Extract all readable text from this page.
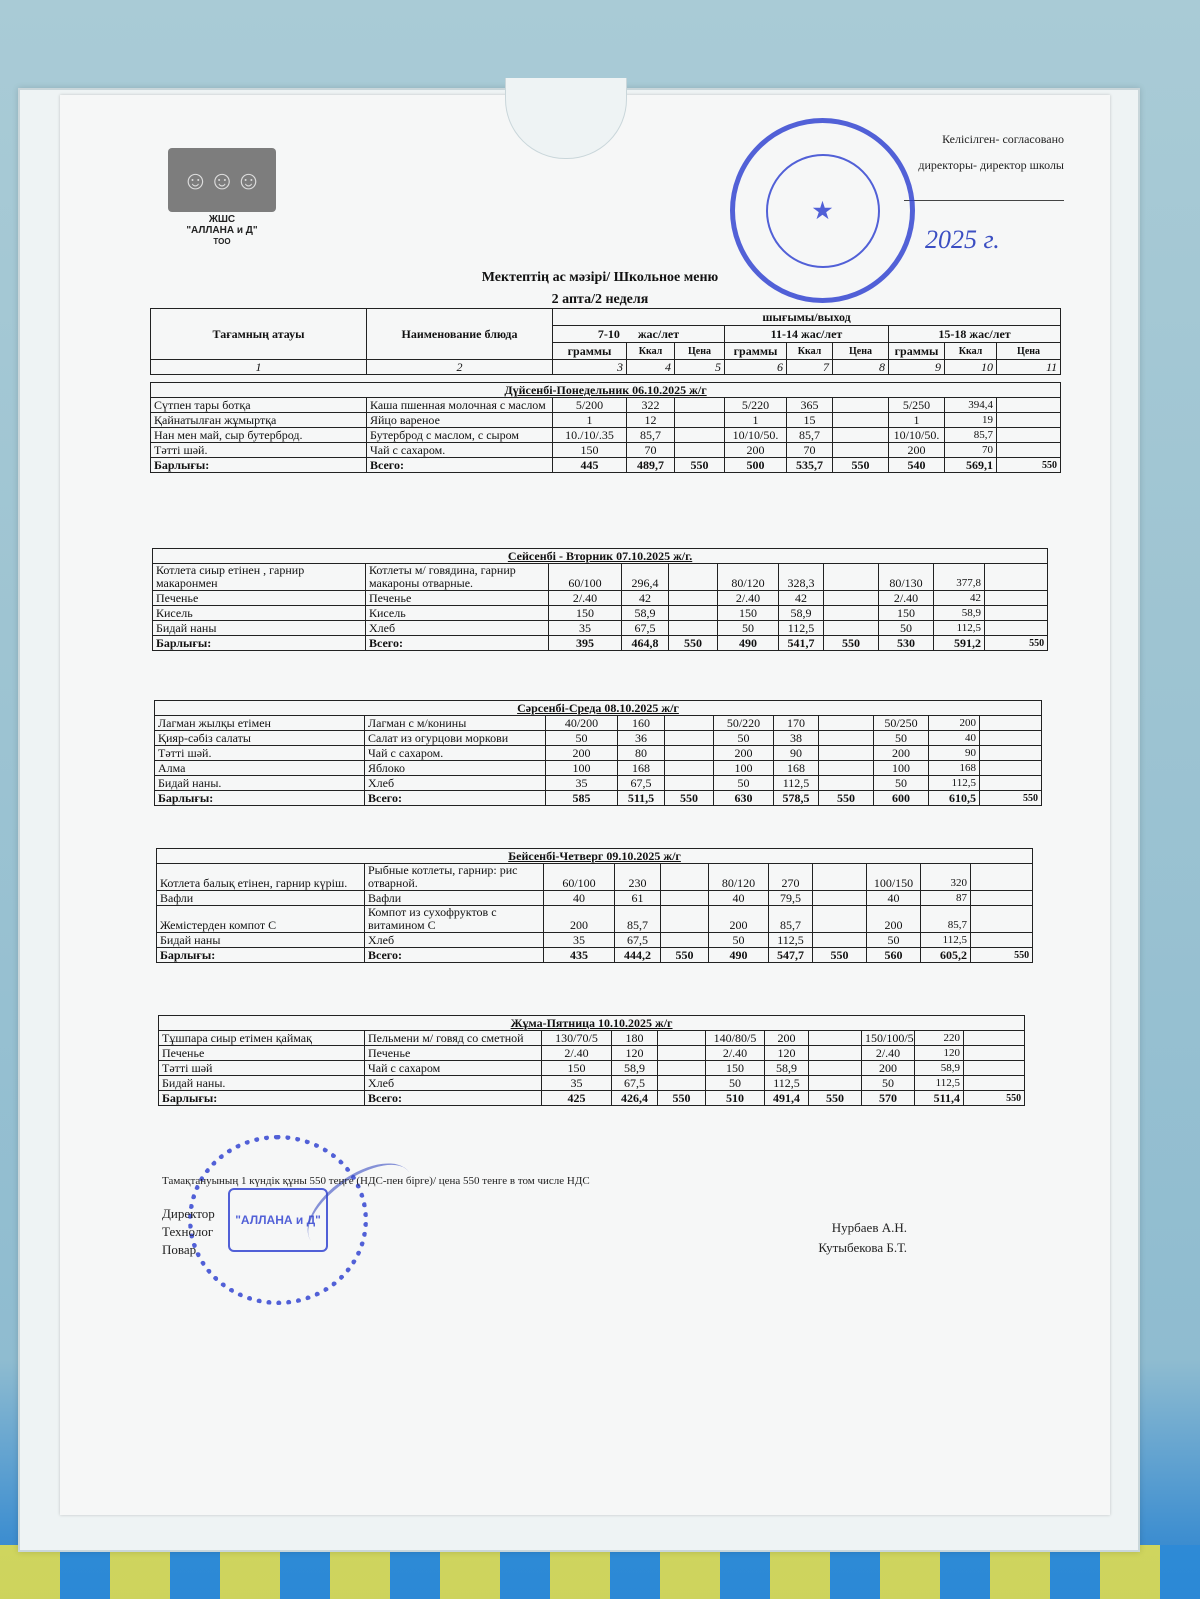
☺☺☺
ЖШС
"АЛЛАНА и Д"
ТОО
Келісілген- согласовано
директоры- директор школы
2025 г.
★
Мектептің ас мәзірі/ Школьное меню
2 апта/2 неделя
Тағамның атауы	Наименование блюда	шығымы/выход								
		7-10 жас/лет			11-14 жас/лет			15-18 жас/лет		
		граммы	Ккал	Цена	граммы	Ккал	Цена	граммы	Ккал	Цена
1	2	3	4	5	6	7	8	9	10	11
Дүйсенбі-Понедельник 06.10.2025 ж/г										
Сүтпен тары ботқа	Каша пшенная молочная с маслом	5/200	322		5/220	365		5/250	394,4	
Қайнатылған жұмыртқа	Яйцо вареное	1	12		1	15		1	19	
Нан мен май, сыр бутерброд.	Бутерброд с маслом, с сыром	10./10/.35	85,7		10/10/50.	85,7		10/10/50.	85,7	
Тәтті шәй.	Чай с сахаром.	150	70		200	70		200	70	
Барлығы:	Всего:	445	489,7	550	500	535,7	550	540	569,1	550
Сейсенбі - Вторник 07.10.2025 ж/г.										
Котлета сиыр етінен , гарнир макаронмен	Котлеты м/ говядина, гарнир макароны отварные.	60/100	296,4		80/120	328,3		80/130	377,8	
Печенье	Печенье	2/.40	42		2/.40	42		2/.40	42	
Кисель	Кисель	150	58,9		150	58,9		150	58,9	
Бидай наны	Хлеб	35	67,5		50	112,5		50	112,5	
Барлығы:	Всего:	395	464,8	550	490	541,7	550	530	591,2	550
Сәрсенбі-Среда 08.10.2025 ж/г										
Лагман жылқы етімен	Лагман с м/конины	40/200	160		50/220	170		50/250	200	
Қияр-сәбіз салаты	Салат из огурцови моркови	50	36		50	38		50	40	
Тәтті шәй.	Чай с сахаром.	200	80		200	90		200	90	
Алма	Яблоко	100	168		100	168		100	168	
Бидай наны.	Хлеб	35	67,5		50	112,5		50	112,5	
Барлығы:	Всего:	585	511,5	550	630	578,5	550	600	610,5	550
Бейсенбі-Четверг 09.10.2025 ж/г										
Котлета балық етінен, гарнир күріш.	Рыбные котлеты, гарнир: рис отварной.	60/100	230		80/120	270		100/150	320	
Вафли	Вафли	40	61		40	79,5		40	87	
Жемістерден компот С	Компот из сухофруктов с витамином С	200	85,7		200	85,7		200	85,7	
Бидай наны	Хлеб	35	67,5		50	112,5		50	112,5	
Барлығы:	Всего:	435	444,2	550	490	547,7	550	560	605,2	550
Жұма-Пятница 10.10.2025 ж/г										
Тұшпара сиыр етімен қаймақ	Пельмени м/ говяд со сметной	130/70/5	180		140/80/5	200		150/100/5	220	
Печенье	Печенье	2/.40	120		2/.40	120		2/.40	120	
Тәтті шәй	Чай с сахаром	150	58,9		150	58,9		200	58,9	
Бидай наны.	Хлеб	35	67,5		50	112,5		50	112,5	
Барлығы:	Всего:	425	426,4	550	510	491,4	550	570	511,4	550
"АЛЛАНА и Д"
Тамақтануының 1 күндік құны 550 теңге (НДС-пен бірге)/ цена 550 тенге в том числе НДС
Директор
Технолог
Повар
Нурбаев А.Н.
Кутыбекова Б.Т.
